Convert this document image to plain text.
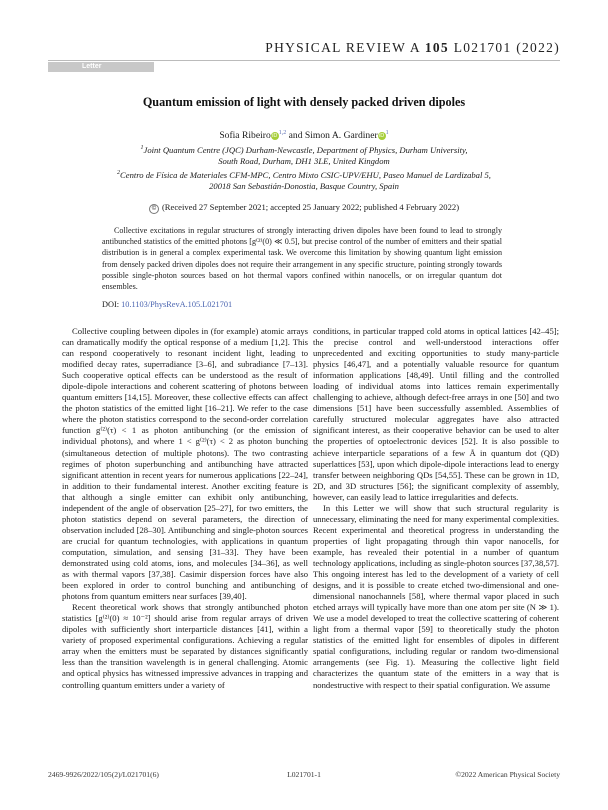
PHYSICAL REVIEW A 105 L021701 (2022)
Letter
Quantum emission of light with densely packed driven dipoles
Sofia RibeiroiD$^{1,2}$ and Simon A. GardineriD$^1$
$^1$Joint Quantum Centre (JQC) Durham-Newcastle, Department of Physics, Durham University,
South Road, Durham, DH1 3LE, United Kingdom
$^2$Centro de Física de Materiales CFM-MPC, Centro Mixto CSIC-UPV/EHU, Paseo Manuel de Lardizabal 5,
20018 San Sebastián-Donostia, Basque Country, Spain
© (Received 27 September 2021; accepted 25 January 2022; published 4 February 2022)
Collective excitations in regular structures of strongly interacting driven dipoles have been found to lead to strongly antibunched statistics of the emitted photons [g⁽²⁾(0) ≪ 0.5], but precise control of the number of emitters and their spatial distribution is in general a complex experimental task. We overcome this limitation by showing quantum light emission from densely packed driven dipoles does not require their arrangement in any specific structure, pointing strongly towards possible single-photon sources based on hot thermal vapors confined within nanocells, or on irregular quantum dot ensembles.
DOI: 10.1103/PhysRevA.105.L021701

Collective coupling between dipoles in (for example) atomic arrays can dramatically modify the optical response of a medium [1,2]. This can respond cooperatively to resonant incident light, leading to modified decay rates, superradiance [3–6], and subradiance [7–13]. Such cooperative optical effects can be understood as the result of dipole-dipole interactions and coherent scattering of photons between quantum emitters [14,15]. Moreover, these collective effects can affect the photon statistics of the emitted light [16–21]. We refer to the case where the photon statistics correspond to the second-order correlation function g⁽²⁾(τ) < 1 as photon antibunching (or the emission of individual photons), and where 1 < g⁽²⁾(τ) < 2 as photon bunching (simultaneous detection of multiple photons). The two contrasting regimes of photon superbunching and antibunching have attracted significant attention in recent years for numerous applications [22–24], in addition to their fundamental interest. Another exciting feature is that although a single emitter can exhibit only antibunching, independent of the angle of observation [25–27], for two emitters, the photon statistics depend on several parameters, the direction of observation included [28–30]. Antibunching and single-photon sources are crucial for quantum technologies, with applications in quantum computation, simulation, and sensing [31–33]. They have been demonstrated using cold atoms, ions, and molecules [34–36], as well as with thermal vapors [37,38]. Casimir dispersion forces have also been explored in order to control bunching and antibunching of photons from quantum emitters near surfaces [39,40].

Recent theoretical work shows that strongly antibunched photon statistics [g⁽²⁾(0) ≈ 10⁻²] should arise from regular arrays of driven dipoles with sufficiently short interparticle distances [41], within a variety of proposed experimental configurations. Achieving a regular array when the emitters must be separated by distances significantly less than the transition wavelength is in general challenging. Atomic and optical physics has witnessed impressive advances in trapping and controlling quantum emitters under a variety of

conditions, in particular trapped cold atoms in optical lattices [42–45]; the precise control and well-understood interactions offer unprecedented and exciting opportunities to study many-particle physics [46,47], and a potentially valuable resource for quantum information applications [48,49]. Until filling and the controlled loading of individual atoms into lattices remain experimentally challenging to achieve, although defect-free arrays in one [50] and two dimensions [51] have been successfully assembled. Assemblies of carefully structured molecular aggregates have also attracted significant interest, as their cooperative behavior can be used to alter the properties of optoelectronic devices [52]. It is also possible to achieve interparticle separations of a few Å in quantum dot (QD) superlattices [53], upon which dipole-dipole interactions lead to energy transfer between neighboring QDs [54,55]. These can be grown in 1D, 2D, and 3D structures [56]; the significant complexity of assembly, however, can easily lead to lattice irregularities and defects.

In this Letter we will show that such structural regularity is unnecessary, eliminating the need for many experimental complexities. Recent experimental and theoretical progress in understanding the properties of light propagating through thin vapor nanocells, for example, has revealed their potential in a number of quantum technology applications, including as single-photon sources [37,38,57]. This ongoing interest has led to the development of a variety of cell designs, and it is possible to create etched two-dimensional and one-dimensional nanochannels [58], where thermal vapor placed in such etched arrays will typically have more than one atom per site (N ≫ 1). We use a model developed to treat the collective scattering of coherent light from a thermal vapor [59] to theoretically study the photon statistics of the emitted light for ensembles of dipoles in different spatial configurations, including regular or random two-dimensional arrangements (see Fig. 1). Measuring the collective light field characterizes the quantum state of the emitters in a way that is nondestructive with respect to their spatial configuration. We assume

2469-9926/2022/105(2)/L021701(6)	L021701-1	©2022 American Physical Society
